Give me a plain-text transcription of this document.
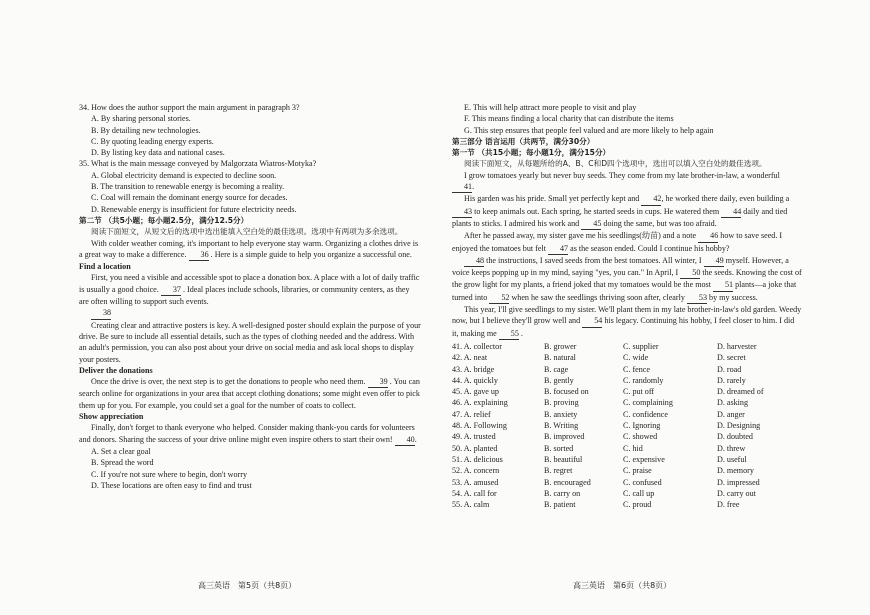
34. How does the author support the main argument in paragraph 3?

A. By sharing personal stories.

B. By detailing new technologies.

C. By quoting leading energy experts.

D. By listing key data and national cases.

35. What is the main message conveyed by Malgorzata Wiatros-Motyka?

A. Global electricity demand is expected to decline soon.

B. The transition to renewable energy is becoming a reality.

C. Coal will remain the dominant energy source for decades.

D. Renewable energy is insufficient for future electricity needs.

第二节 （共5小题；每小题2.5分，满分12.5分）

阅读下面短文，从短文后的选项中选出能填入空白处的最佳选项。选项中有两项为多余选项。

With colder weather coming, it's important to help everyone stay warm. Organizing a clothes drive is a great way to make a difference. 36 . Here is a simple guide to help you organize a successful one.

Find a location

First, you need a visible and accessible spot to place a donation box. A place with a lot of daily traffic is usually a good choice. 37 . Ideal places include schools, libraries, or community centers, as they are often willing to support such events.

38

Creating clear and attractive posters is key. A well-designed poster should explain the purpose of your drive. Be sure to include all essential details, such as the types of clothing needed and the address. With an adult's permission, you can also post about your drive on social media and ask local shops to display your posters.

Deliver the donations

Once the drive is over, the next step is to get the donations to people who need them. 39 . You can search online for organizations in your area that accept clothing donations; some might even offer to pick them up for you. For example, you could set a goal for the number of coats to collect.

Show appreciation

Finally, don't forget to thank everyone who helped. Consider making thank-you cards for volunteers and donors. Sharing the success of your drive online might even inspire others to start their own! 40.

A. Set a clear goal

B. Spread the word

C. If you're not sure where to begin, don't worry

D. These locations are often easy to find and trust

E. This will help attract more people to visit and play

F. This means finding a local charity that can distribute the items

G. This step ensures that people feel valued and are more likely to help again

第三部分 语言运用（共两节，满分30分）

第一节 （共15小题；每小题1分，满分15分）

阅读下面短文，从每题所给的A、B、C和D四个选项中，选出可以填入空白处的最佳选项。

I grow tomatoes yearly but never buy seeds. They come from my late brother-in-law, a wonderful
41.

His garden was his pride. Small yet perfectly kept and 42, he worked there daily, even building a 43 to keep animals out. Each spring, he started seeds in cups. He watered them 44 daily and tied plants to sticks. I admired his work and 45 doing the same, but was too afraid.

After he passed away, my sister gave me his seedlings(幼苗) and a note 46 how to save seed. I enjoyed the tomatoes but felt 47 as the season ended. Could I continue his hobby?

48 the instructions, I saved seeds from the best tomatoes. All winter, I 49 myself. However, a voice keeps popping up in my mind, saying "yes, you can." In April, I 50 the seeds. Knowing the cost of the grow light for my plants, a friend joked that my tomatoes would be the most 51 plants—a joke that turned into 52 when he saw the seedlings thriving soon after, clearly 53 by my success.

This year, I'll give seedlings to my sister. We'll plant them in my late brother-in-law's old garden. Weedy now, but I believe they'll grow well and 54 his legacy. Continuing his hobby, I feel closer to him. I did it, making me 55 .

41. A. collector	B. grower	C. supplier	D. harvester
42. A. neat	B. natural	C. wide	D. secret
43. A. bridge	B. cage	C. fence	D. road
44. A. quickly	B. gently	C. randomly	D. rarely
45. A. gave up	B. focused on	C. put off	D. dreamed of
46. A. explaining	B. proving	C. complaining	D. asking
47. A. relief	B. anxiety	C. confidence	D. anger
48. A. Following	B. Writing	C. Ignoring	D. Designing
49. A. trusted	B. improved	C. showed	D. doubted
50. A. planted	B. sorted	C. hid	D. threw
51. A. delicious	B. beautiful	C. expensive	D. useful
52. A. concern	B. regret	C. praise	D. memory
53. A. amused	B. encouraged	C. confused	D. impressed
54. A. call for	B. carry on	C. call up	D. carry out
55. A. calm	B. patient	C. proud	D. free
高三英语　第5页（共8页）	高三英语　第6页（共8页）
